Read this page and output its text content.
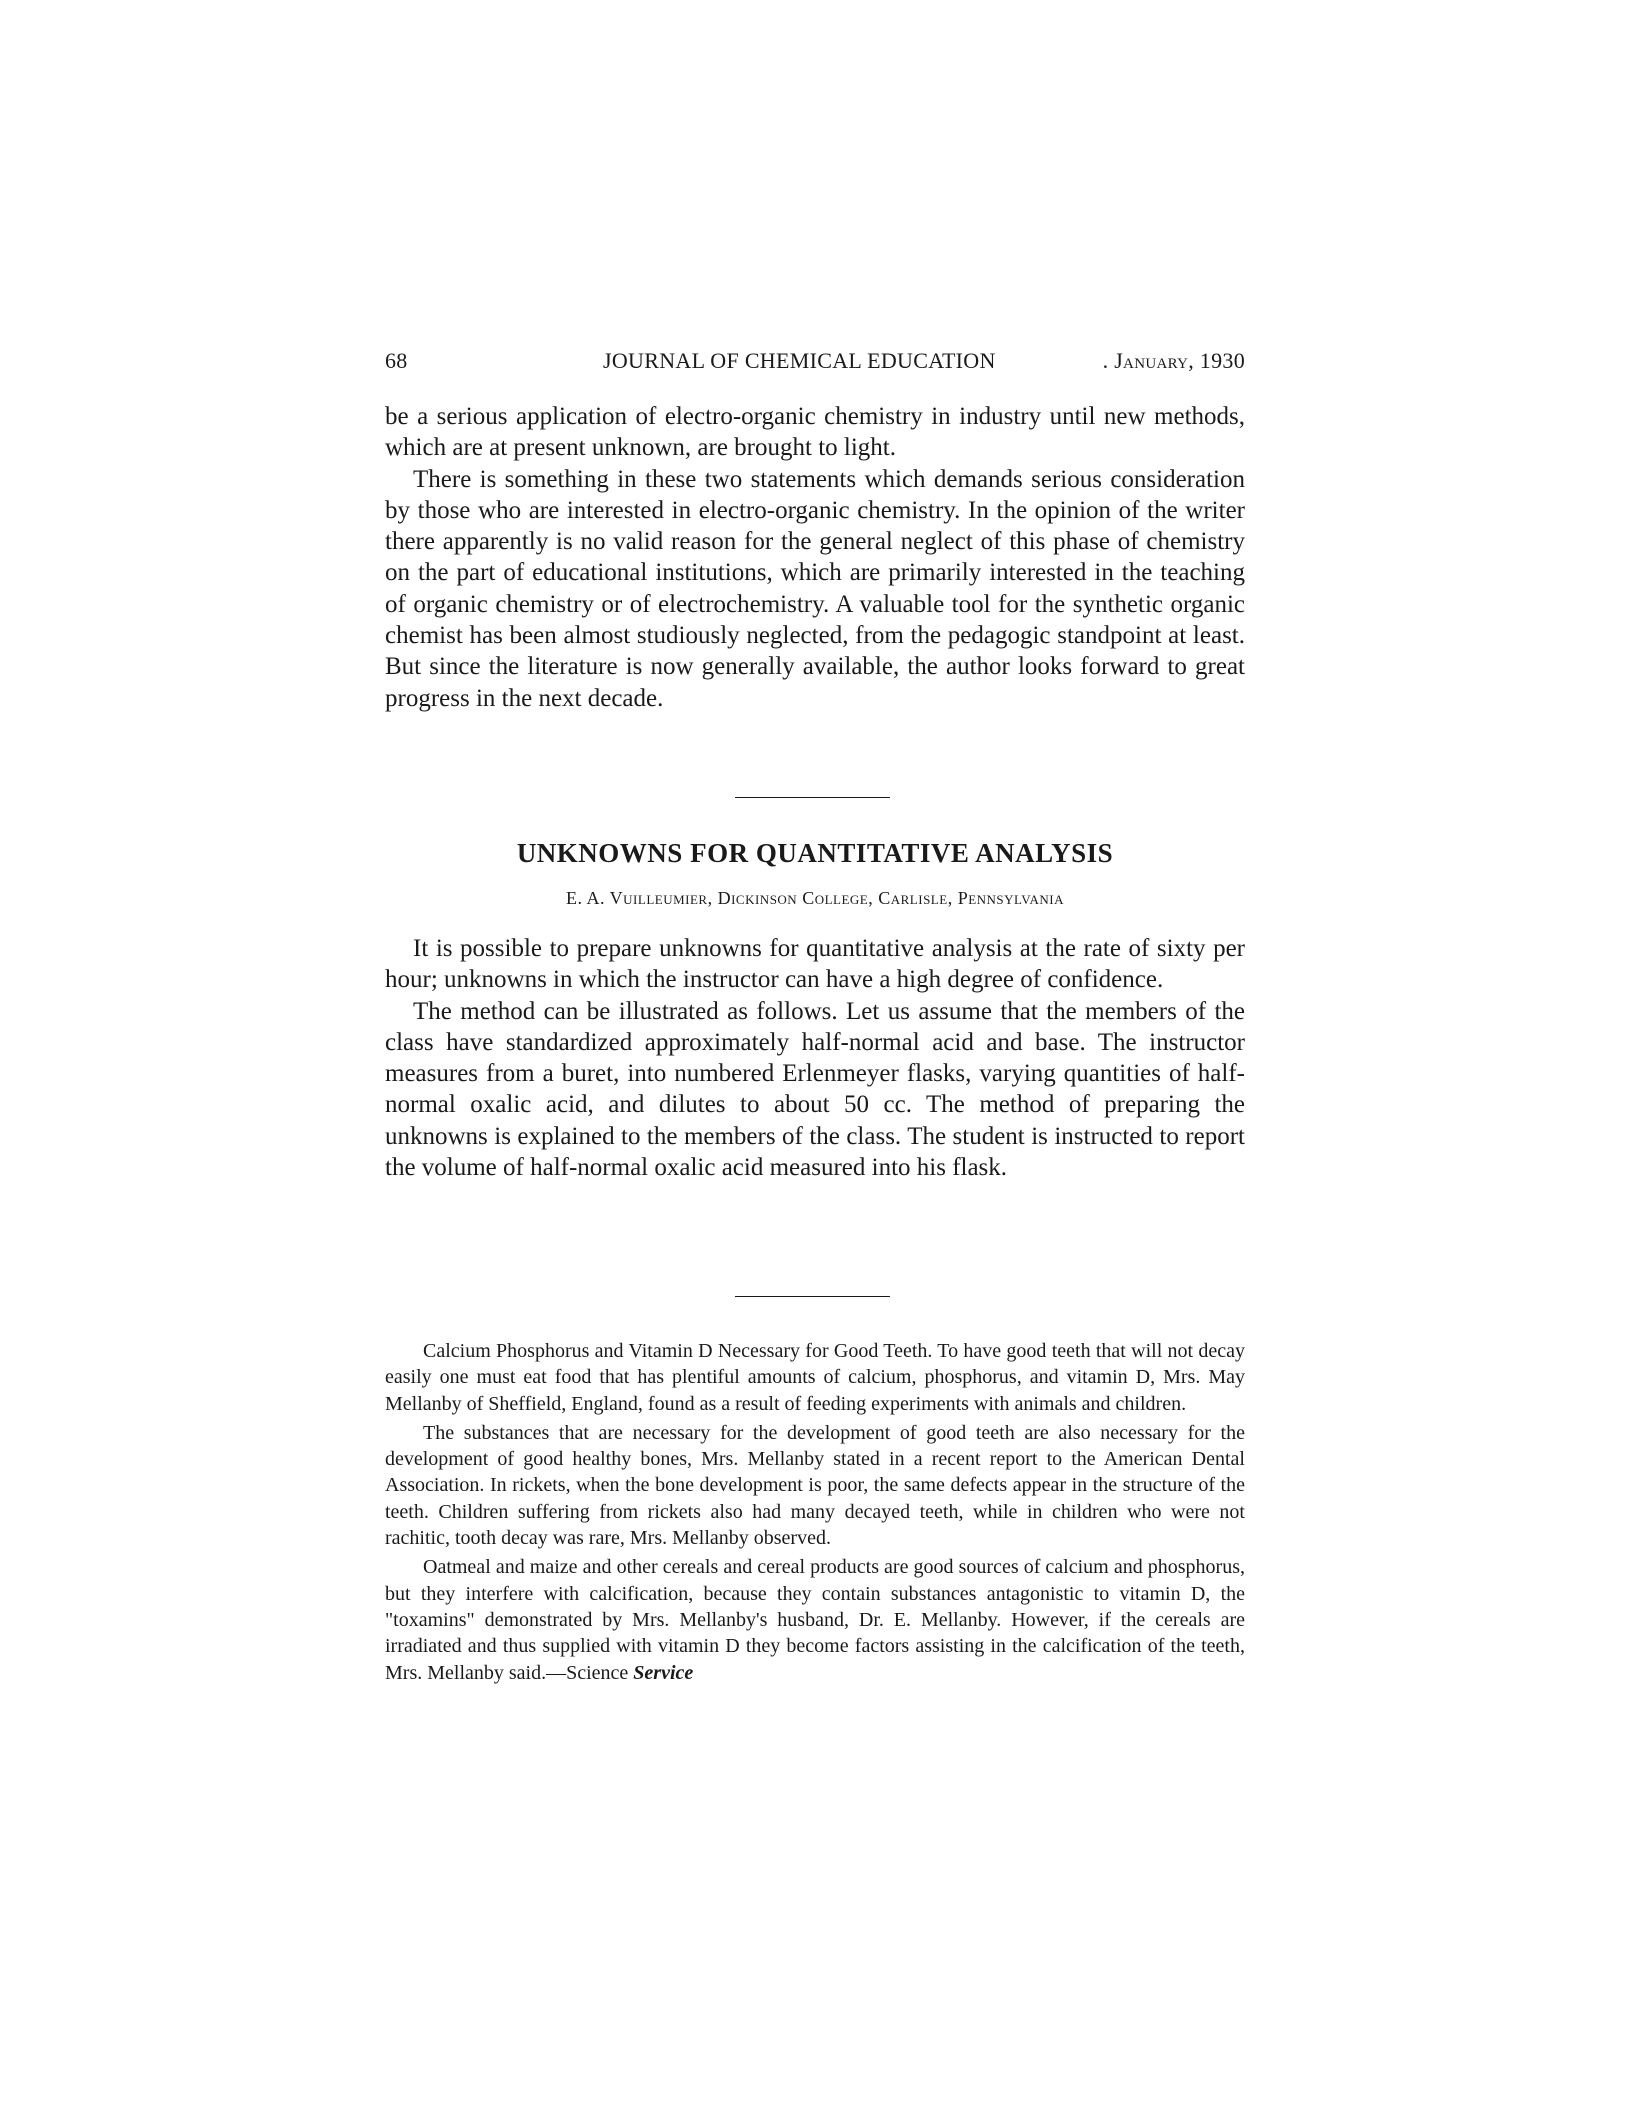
68	JOURNAL OF CHEMICAL EDUCATION	. January, 1930

be a serious application of electro-organic chemistry in industry until new methods, which are at present unknown, are brought to light.

There is something in these two statements which demands serious consideration by those who are interested in electro-organic chemistry. In the opinion of the writer there apparently is no valid reason for the general neglect of this phase of chemistry on the part of educational institutions, which are primarily interested in the teaching of organic chemistry or of electrochemistry. A valuable tool for the synthetic organic chemist has been almost studiously neglected, from the pedagogic standpoint at least. But since the literature is now generally available, the author looks forward to great progress in the next decade.

UNKNOWNS FOR QUANTITATIVE ANALYSIS
E. A. Vuilleumier, Dickinson College, Carlisle, Pennsylvania

It is possible to prepare unknowns for quantitative analysis at the rate of sixty per hour; unknowns in which the instructor can have a high degree of confidence.

The method can be illustrated as follows. Let us assume that the members of the class have standardized approximately half-normal acid and base. The instructor measures from a buret, into numbered Erlenmeyer flasks, varying quantities of half-normal oxalic acid, and dilutes to about 50 cc. The method of preparing the unknowns is explained to the members of the class. The student is instructed to report the volume of half-normal oxalic acid measured into his flask.

Calcium Phosphorus and Vitamin D Necessary for Good Teeth. To have good teeth that will not decay easily one must eat food that has plentiful amounts of calcium, phosphorus, and vitamin D, Mrs. May Mellanby of Sheffield, England, found as a result of feeding experiments with animals and children.

The substances that are necessary for the development of good teeth are also necessary for the development of good healthy bones, Mrs. Mellanby stated in a recent report to the American Dental Association. In rickets, when the bone development is poor, the same defects appear in the structure of the teeth. Children suffering from rickets also had many decayed teeth, while in children who were not rachitic, tooth decay was rare, Mrs. Mellanby observed.

Oatmeal and maize and other cereals and cereal products are good sources of calcium and phosphorus, but they interfere with calcification, because they contain substances antagonistic to vitamin D, the "toxamins" demonstrated by Mrs. Mellanby's husband, Dr. E. Mellanby. However, if the cereals are irradiated and thus supplied with vitamin D they become factors assisting in the calcification of the teeth, Mrs. Mellanby said.—Science Service
